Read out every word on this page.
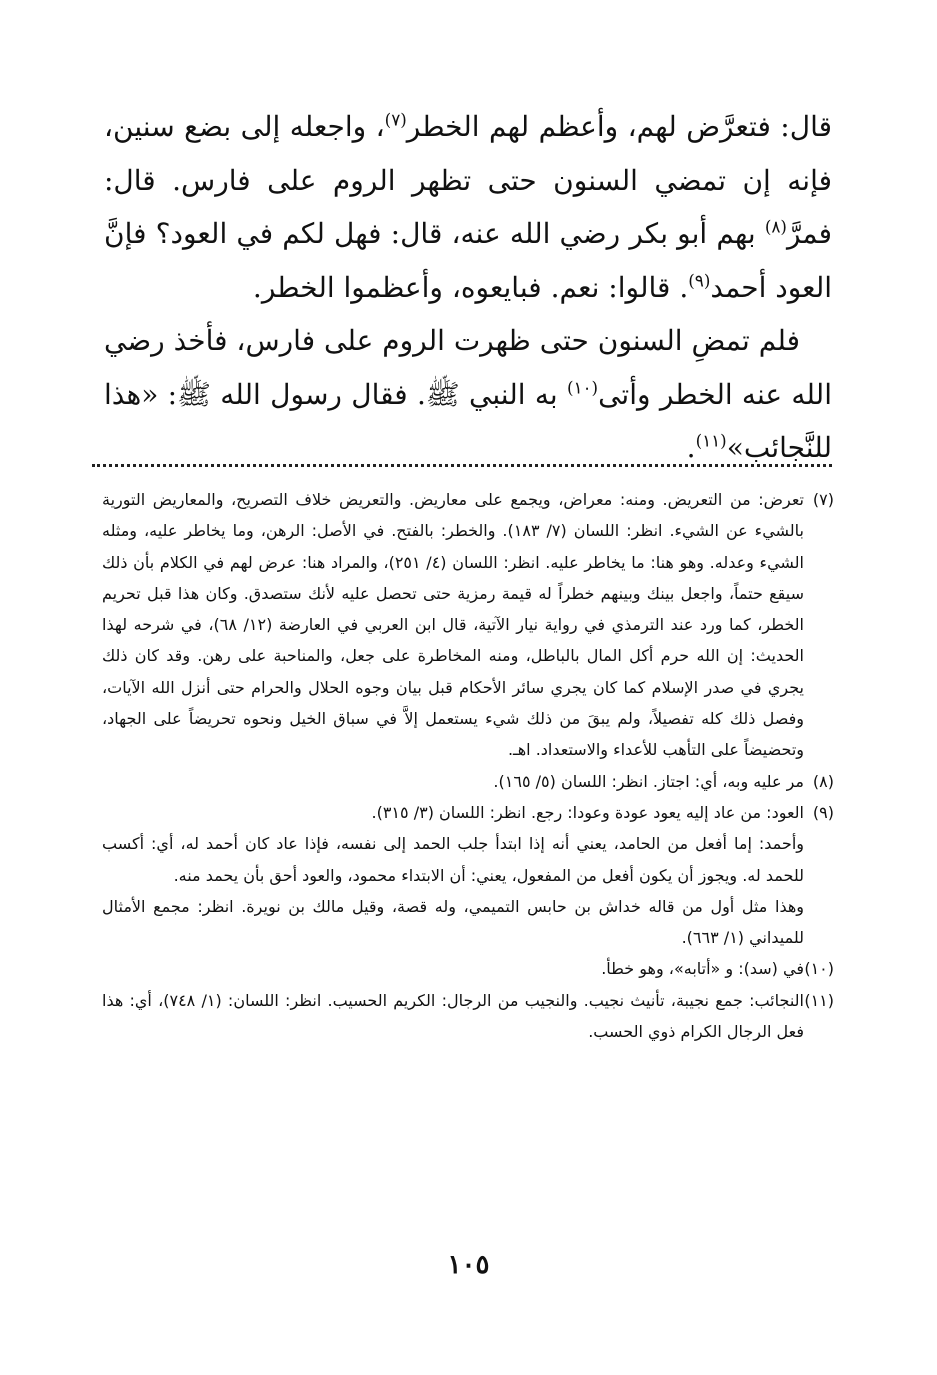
قال: فتعرَّض لهم، وأعظم لهم الخطر$^{(٧)}$، واجعله إلى بضع سنين، فإنه إن تمضي السنون حتى تظهر الروم على فارس. قال: فمرَّ$^{(٨)}$ بهم أبو بكر رضي الله عنه، قال: فهل لكم في العود؟ فإنَّ العود أحمد$^{(٩)}$. قالوا: نعم. فبايعوه، وأعظموا الخطر.

فلم تمضِ السنون حتى ظهرت الروم على فارس، فأخذ رضي الله عنه الخطر وأتى$^{(١٠)}$ به النبي ﷺ. فقال رسول الله ﷺ: «هذا للنَّجائب»$^{(١١)}$.

(٧)

تعرض: من التعريض. ومنه: معراض، ويجمع على معاريض. والتعريض خلاف التصريح، والمعاريض التورية بالشيء عن الشيء. انظر: اللسان (٧/ ١٨٣). والخطر: بالفتح. في الأصل: الرهن، وما يخاطر عليه، ومثله الشيء وعدله. وهو هنا: ما يخاطر عليه. انظر: اللسان (٤/ ٢٥١)، والمراد هنا: عرض لهم في الكلام بأن ذلك سيقع حتماً، واجعل بينك وبينهم خطراً له قيمة رمزية حتى تحصل عليه لأنك ستصدق. وكان هذا قبل تحريم الخطر، كما ورد عند الترمذي في رواية نيار الآتية، قال ابن العربي في العارضة (١٢/ ٦٨)، في شرحه لهذا الحديث: إن الله حرم أكل المال بالباطل، ومنه المخاطرة على جعل، والمناحبة على رهن. وقد كان ذلك يجري في صدر الإسلام كما كان يجري سائر الأحكام قبل بيان وجوه الحلال والحرام حتى أنزل الله الآيات، وفصل ذلك كله تفصيلاً، ولم يبقَ من ذلك شيء يستعمل إلاَّ في سباق الخيل ونحوه تحريضاً على الجهاد، وتحضيضاً على التأهب للأعداء والاستعداد. اهـ.

(٨)

مر عليه وبه، أي: اجتاز. انظر: اللسان (٥/ ١٦٥).

(٩)

العود: من عاد إليه يعود عودة وعودا: رجع. انظر: اللسان (٣/ ٣١٥).

وأحمد: إما أفعل من الحامد، يعني أنه إذا ابتدأ جلب الحمد إلى نفسه، فإذا عاد كان أحمد له، أي: أكسب للحمد له. ويجوز أن يكون أفعل من المفعول، يعني: أن الابتداء محمود، والعود أحق بأن يحمد منه.

وهذا مثل أول من قاله خداش بن حابس التميمي، وله قصة، وقيل مالك بن نويرة. انظر: مجمع الأمثال للميداني (١/ ٦٦٣).

(١٠)

في (سد): و «أتابه»، وهو خطأ.

(١١)

النجائب: جمع نجيبة، تأنيث نجيب. والنجيب من الرجال: الكريم الحسيب. انظر: اللسان: (١/ ٧٤٨)، أي: هذا فعل الرجال الكرام ذوي الحسب.

١٠٥
